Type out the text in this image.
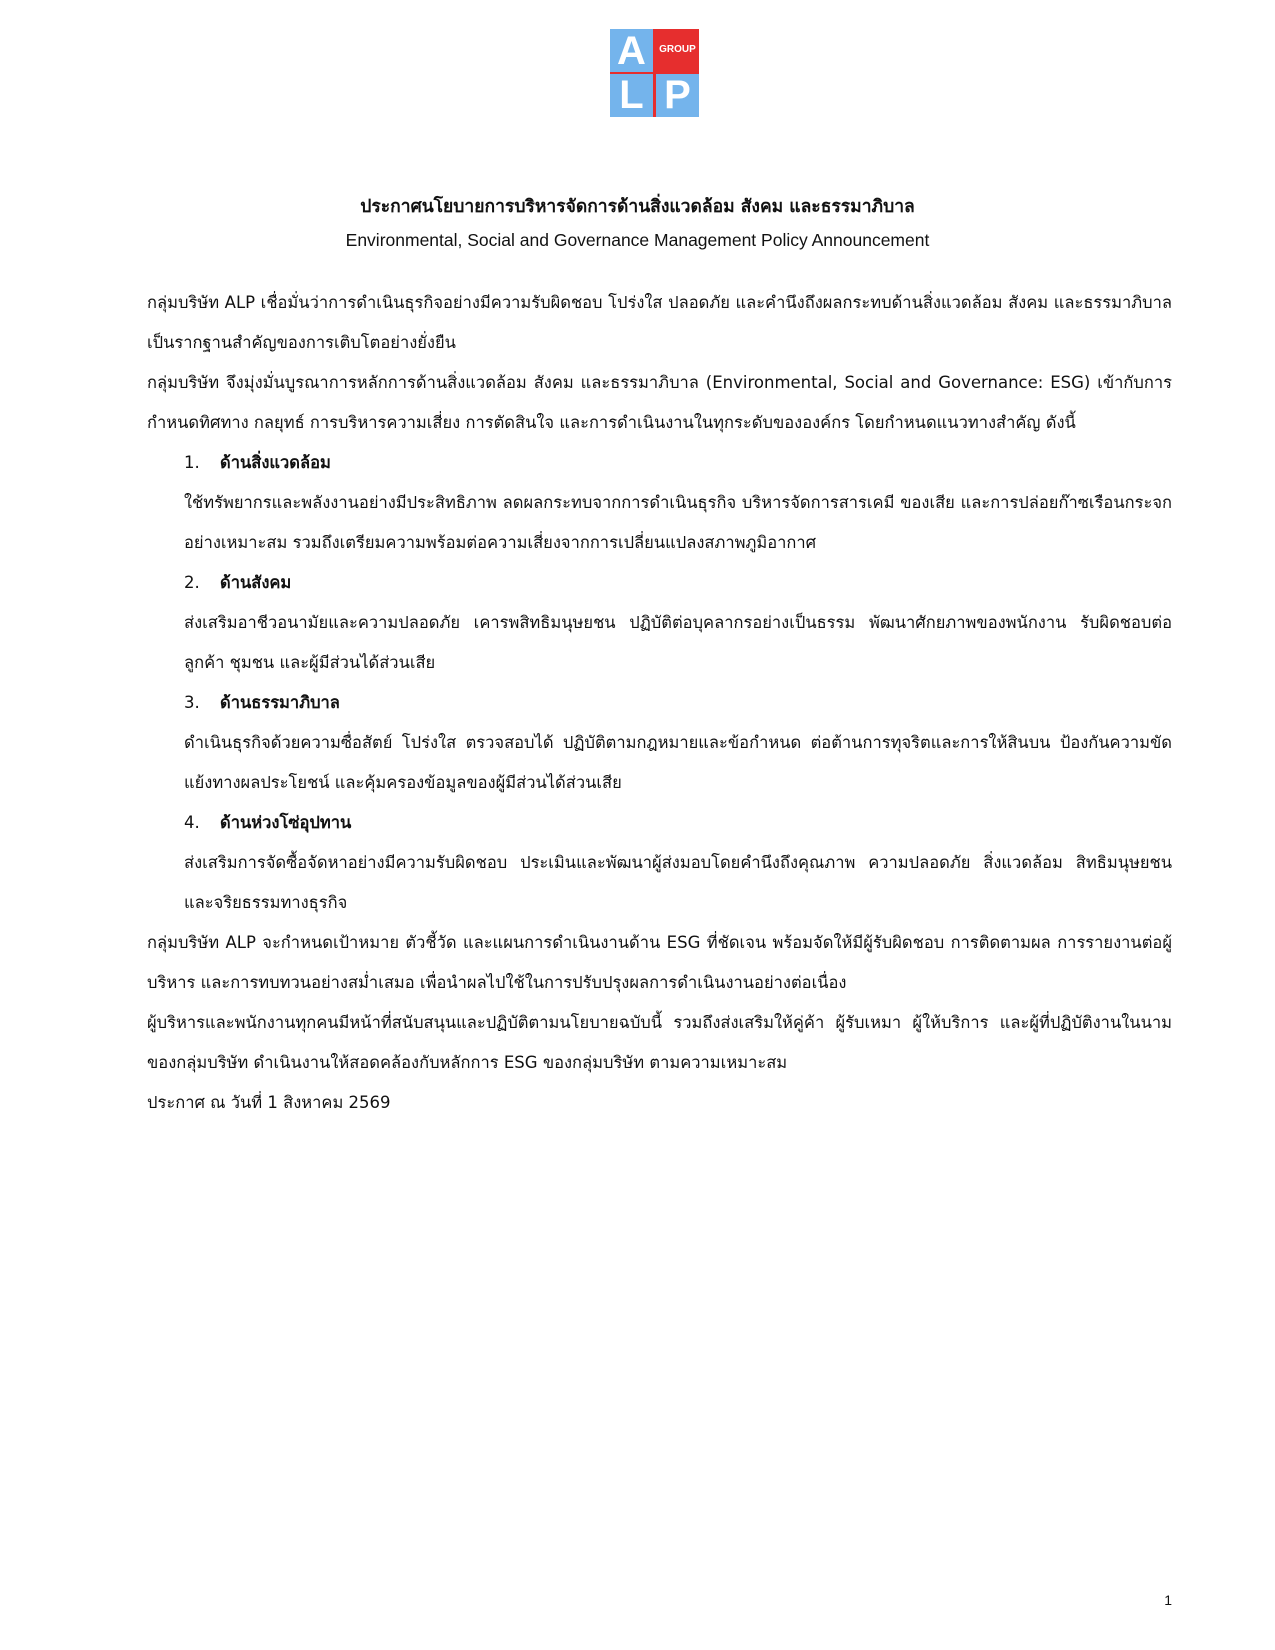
A	GROUP
L P
ประกาศนโยบายการบริหารจัดการด้านสิ่งแวดล้อม สังคม และธรรมาภิบาล
Environmental, Social and Governance Management Policy Announcement

กลุ่มบริษัท ALP เชื่อมั่นว่าการดำเนินธุรกิจอย่างมีความรับผิดชอบ โปร่งใส ปลอดภัย และคำนึงถึงผลกระทบด้านสิ่งแวดล้อม สังคม และธรรมาภิบาล เป็นรากฐานสำคัญของการเติบโตอย่างยั่งยืน

กลุ่มบริษัท จึงมุ่งมั่นบูรณาการหลักการด้านสิ่งแวดล้อม สังคม และธรรมาภิบาล (Environmental, Social and Governance: ESG) เข้ากับการกำหนดทิศทาง กลยุทธ์ การบริหารความเสี่ยง การตัดสินใจ และการดำเนินงานในทุกระดับขององค์กร โดยกำหนดแนวทางสำคัญ ดังนี้

1.	ด้านสิ่งแวดล้อม

ใช้ทรัพยากรและพลังงานอย่างมีประสิทธิภาพ ลดผลกระทบจากการดำเนินธุรกิจ บริหารจัดการสารเคมี ของเสีย และการปล่อยก๊าซเรือนกระจกอย่างเหมาะสม รวมถึงเตรียมความพร้อมต่อความเสี่ยงจากการเปลี่ยนแปลงสภาพภูมิอากาศ

2.	ด้านสังคม

ส่งเสริมอาชีวอนามัยและความปลอดภัย เคารพสิทธิมนุษยชน ปฏิบัติต่อบุคลากรอย่างเป็นธรรม พัฒนาศักยภาพของพนักงาน รับผิดชอบต่อลูกค้า ชุมชน และผู้มีส่วนได้ส่วนเสีย

3.	ด้านธรรมาภิบาล

ดำเนินธุรกิจด้วยความซื่อสัตย์ โปร่งใส ตรวจสอบได้ ปฏิบัติตามกฎหมายและข้อกำหนด ต่อต้านการทุจริตและการให้สินบน ป้องกันความขัดแย้งทางผลประโยชน์ และคุ้มครองข้อมูลของผู้มีส่วนได้ส่วนเสีย

4.	ด้านห่วงโซ่อุปทาน

ส่งเสริมการจัดซื้อจัดหาอย่างมีความรับผิดชอบ ประเมินและพัฒนาผู้ส่งมอบโดยคำนึงถึงคุณภาพ ความปลอดภัย สิ่งแวดล้อม สิทธิมนุษยชน และจริยธรรมทางธุรกิจ

กลุ่มบริษัท ALP จะกำหนดเป้าหมาย ตัวชี้วัด และแผนการดำเนินงานด้าน ESG ที่ชัดเจน พร้อมจัดให้มีผู้รับผิดชอบ การติดตามผล การรายงานต่อผู้บริหาร และการทบทวนอย่างสม่ำเสมอ เพื่อนำผลไปใช้ในการปรับปรุงผลการดำเนินงานอย่างต่อเนื่อง

ผู้บริหารและพนักงานทุกคนมีหน้าที่สนับสนุนและปฏิบัติตามนโยบายฉบับนี้ รวมถึงส่งเสริมให้คู่ค้า ผู้รับเหมา ผู้ให้บริการ และผู้ที่ปฏิบัติงานในนามของกลุ่มบริษัท ดำเนินงานให้สอดคล้องกับหลักการ ESG ของกลุ่มบริษัท ตามความเหมาะสม

ประกาศ ณ วันที่ 1 สิงหาคม 2569

1
